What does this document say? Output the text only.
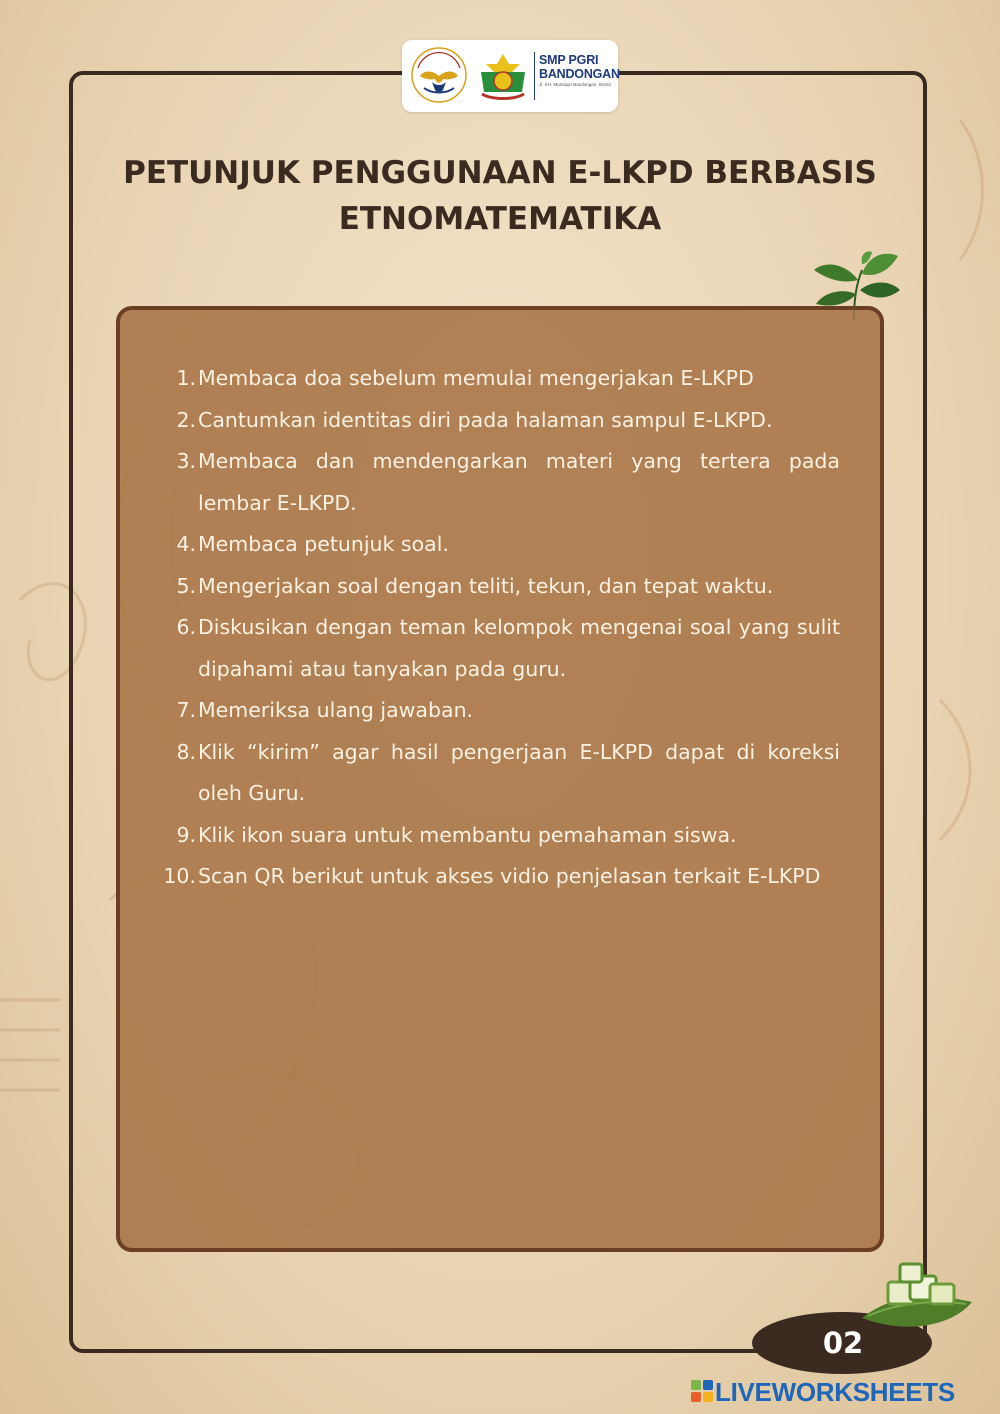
SMP PGRI
BANDONGAN
Jl. KH. Muntaqin Bandongan, 56151
PETUNJUK PENGGUNAAN E-LKPD BERBASIS ETNOMATEMATIKA
1. Membaca doa sebelum memulai mengerjakan E-LKPD
2. Cantumkan identitas diri pada halaman sampul E-LKPD.
3. Membaca dan mendengarkan materi yang tertera pada lembar E-LKPD.
4. Membaca petunjuk soal.
5. Mengerjakan soal dengan teliti, tekun, dan tepat waktu.
6. Diskusikan dengan teman kelompok mengenai soal yang sulit dipahami atau tanyakan pada guru.
7. Memeriksa ulang jawaban.
8. Klik “kirim” agar hasil pengerjaan E-LKPD dapat di koreksi oleh Guru.
9. Klik ikon suara untuk membantu pemahaman siswa.
10. Scan QR berikut untuk akses vidio penjelasan terkait E-LKPD
02
LIVEWORKSHEETS
